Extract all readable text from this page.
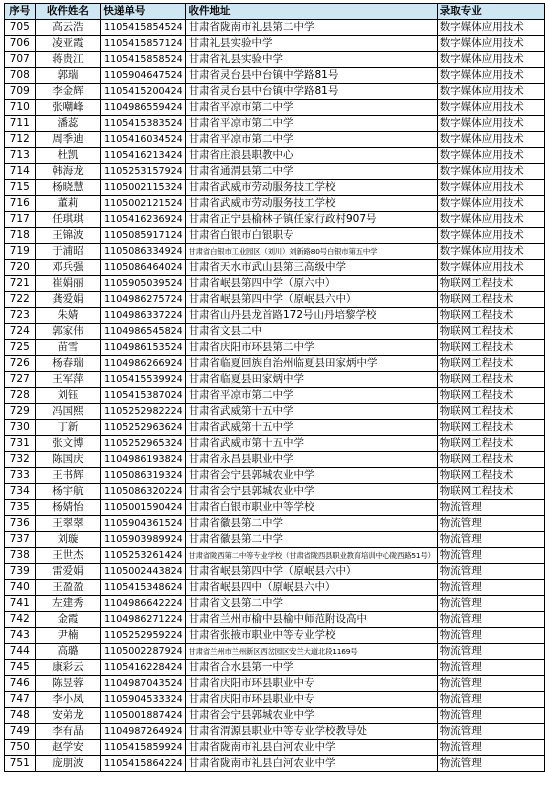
序号	收件姓名	快递单号	收件地址	录取专业
705	高云浩	1105415854524	甘肃省陇南市礼县第二中学	数字媒体应用技术
706	凌亚霞	1105415857124	甘肃礼县实验中学	数字媒体应用技术
707	蒋贵江	1105415858524	甘肃省礼县实验中学	数字媒体应用技术
708	郭瑞	1105904647524	甘肃省灵台县中台镇中学路81号	数字媒体应用技术
709	李金辉	1105415200424	甘肃省灵台县中台镇中学路81号	数字媒体应用技术
710	张嘲峰	1104986559424	甘肃省平凉市第二中学	数字媒体应用技术
711	潘蕊	1105415383524	甘肃省平凉市第二中学	数字媒体应用技术
712	周季迪	1105416034524	甘肃省平凉市第二中学	数字媒体应用技术
713	杜凯	1105416213424	甘肃省庄浪县职教中心	数字媒体应用技术
714	韩海龙	1105253157924	甘肃省通渭县第二中学	数字媒体应用技术
715	杨晓慧	1105002115324	甘肃省武威市劳动服务技工学校	数字媒体应用技术
716	董莉	1105002121524	甘肃省武威市劳动服务技工学校	数字媒体应用技术
717	任琪琪	1105416236924	甘肃省正宁县榆林子镇任家行政村907号	数字媒体应用技术
718	王锦波	1105085917124	甘肃省白银市白银职专	数字媒体应用技术
719	于浦昭	1105086334924	甘肃省白银市工业园区（刘川）刘新路80号白银市第五中学	数字媒体应用技术
720	邓兵强	1105086464024	甘肃省天水市武山县第三高级中学	数字媒体应用技术
721	崔娟丽	1105905039524	甘肃省岷县第四中学（原六中）	物联网工程技术
722	龚爱娟	1104986275724	甘肃省岷县第四中学（原岷县六中）	物联网工程技术
723	朱婧	1104986337224	甘肃省山丹县龙首路172号山丹培黎学校	物联网工程技术
724	郭家伟	1104986545824	甘肃省文县二中	物联网工程技术
725	苗雪	1104986153524	甘肃省庆阳市环县第二中学	物联网工程技术
726	杨春瑞	1104986266924	甘肃省临夏回族自治州临夏县田家炳中学	物联网工程技术
727	王军萍	1105415539924	甘肃省临夏县田家炳中学	物联网工程技术
728	刘钰	1105415387024	甘肃省平凉市第二中学	物联网工程技术
729	冯国熙	1105252982224	甘肃省武威第十五中学	物联网工程技术
730	丁新	1105252963624	甘肃省武威第十五中学	物联网工程技术
731	张文博	1105252965324	甘肃省武威市第十五中学	物联网工程技术
732	陈国庆	1104986193824	甘肃省永昌县职业中学	物联网工程技术
733	王书辉	1105086319324	甘肃省会宁县郭城农业中学	物联网工程技术
734	杨宇航	1105086320224	甘肃省会宁县郭城农业中学	物联网工程技术
735	杨婧怡	1105001590424	甘肃省白银市职业中等学校	物流管理
736	王翠翠	1105904361524	甘肃省徽县第二中学	物流管理
737	刘璇	1105903989924	甘肃省徽县第二中学	物流管理
738	王世杰	1105253261424	甘肃省陇西第二中等专业学校（甘肃省陇西县职业教育培训中心陇西路51号）	物流管理
739	雷爱娟	1105002443824	甘肃省岷县第四中学（原岷县六中）	物流管理
740	王盈盈	1105415348624	甘肃省岷县四中（原岷县六中）	物流管理
741	左建秀	1104986642224	甘肃省文县第二中学	物流管理
742	金霞	1104986271224	甘肃省兰州市榆中县榆中师范附设高中	物流管理
743	尹楠	1105252959224	甘肃省张掖市职业中等专业学校	物流管理
744	高璐	1105002287924	甘肃省兰州市兰州新区西岔园区安兰大道北段1169号	物流管理
745	康彩云	1105416228424	甘肃省合水县第一中学	物流管理
746	陈昱蓉	1104987043524	甘肃省庆阳市环县职业中专	物流管理
747	李小凤	1105904533324	甘肃省庆阳市环县职业中专	物流管理
748	安弟龙	1105001887424	甘肃省会宁县郭城农业中学	物流管理
749	李有晶	1104987264924	甘肃省渭源县职业中等专业学校教导处	物流管理
750	赵学安	1105415859924	甘肃省陇南市礼县白河农业中学	物流管理
751	庞朋波	1105415864224	甘肃省陇南市礼县白河农业中学	物流管理
